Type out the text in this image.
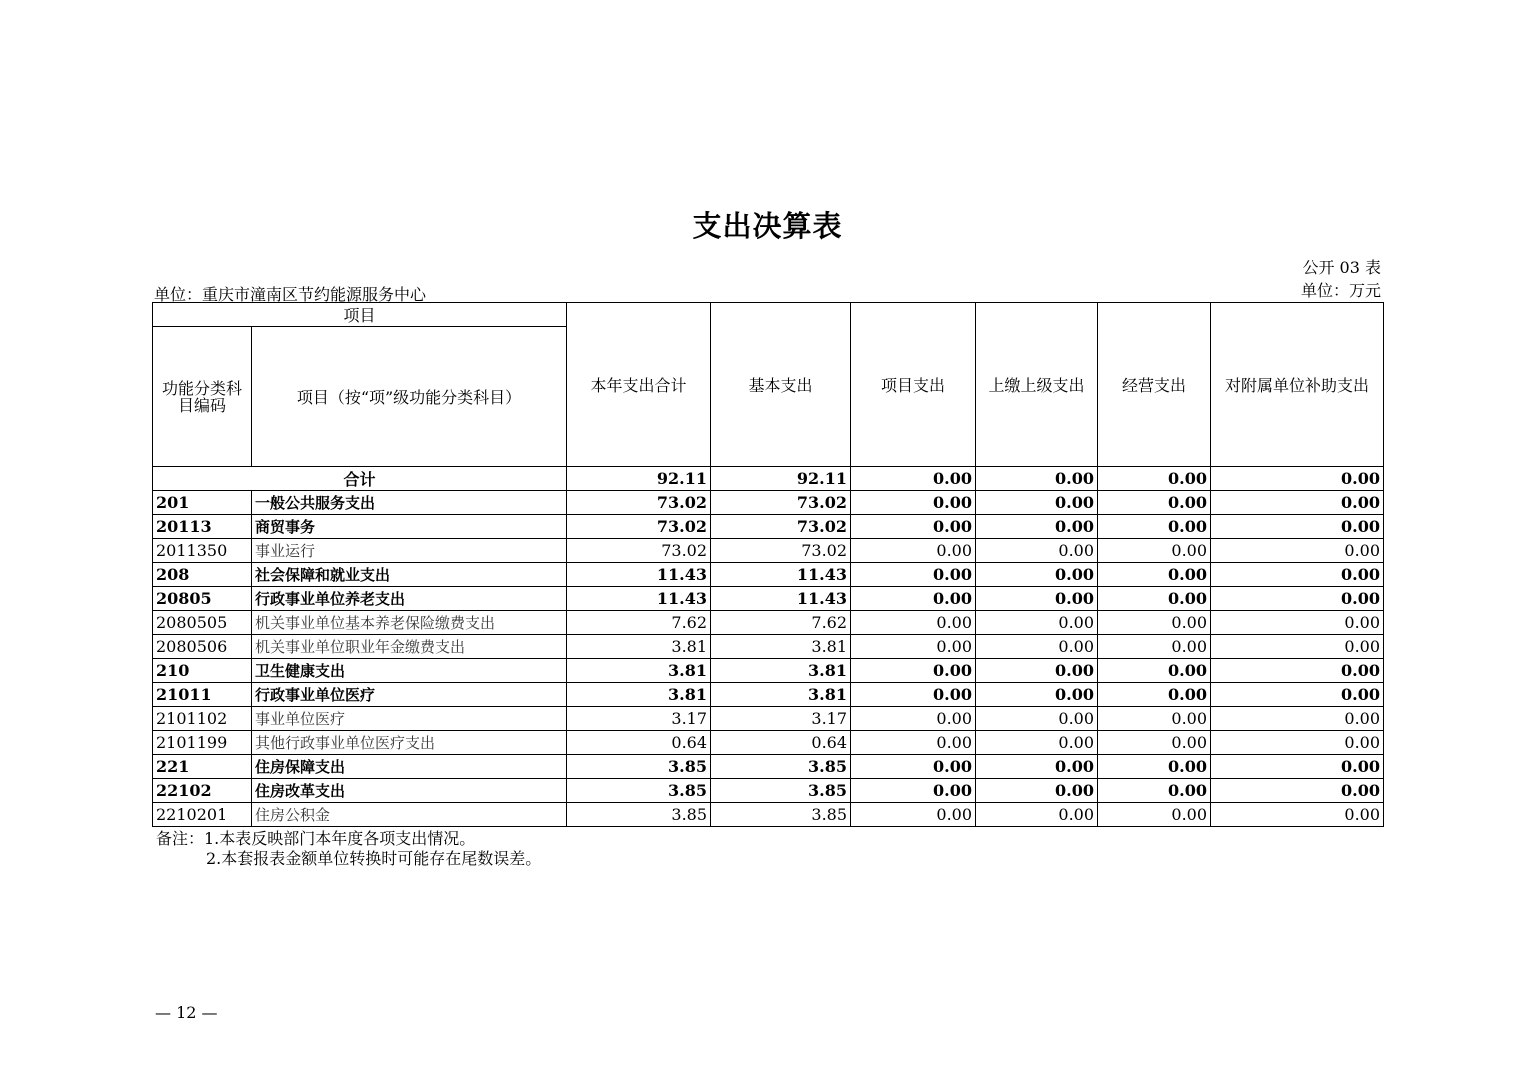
支出决算表
公开 03 表
单位：万元
单位：重庆市潼南区节约能源服务中心
项目		本年支出合计	基本支出	项目支出	上缴上级支出	经营支出	对附属单位补助支出
功能分类科目编码	项目（按“项”级功能分类科目）						
合计		92.11	92.11	0.00	0.00	0.00	0.00
201	一般公共服务支出	73.02	73.02	0.00	0.00	0.00	0.00
20113	商贸事务	73.02	73.02	0.00	0.00	0.00	0.00
2011350	事业运行	73.02	73.02	0.00	0.00	0.00	0.00
208	社会保障和就业支出	11.43	11.43	0.00	0.00	0.00	0.00
20805	行政事业单位养老支出	11.43	11.43	0.00	0.00	0.00	0.00
2080505	机关事业单位基本养老保险缴费支出	7.62	7.62	0.00	0.00	0.00	0.00
2080506	机关事业单位职业年金缴费支出	3.81	3.81	0.00	0.00	0.00	0.00
210	卫生健康支出	3.81	3.81	0.00	0.00	0.00	0.00
21011	行政事业单位医疗	3.81	3.81	0.00	0.00	0.00	0.00
2101102	事业单位医疗	3.17	3.17	0.00	0.00	0.00	0.00
2101199	其他行政事业单位医疗支出	0.64	0.64	0.00	0.00	0.00	0.00
221	住房保障支出	3.85	3.85	0.00	0.00	0.00	0.00
22102	住房改革支出	3.85	3.85	0.00	0.00	0.00	0.00
2210201	住房公积金	3.85	3.85	0.00	0.00	0.00	0.00
备注：1.本表反映部门本年度各项支出情况。
2.本套报表金额单位转换时可能存在尾数误差。
— 12 —
